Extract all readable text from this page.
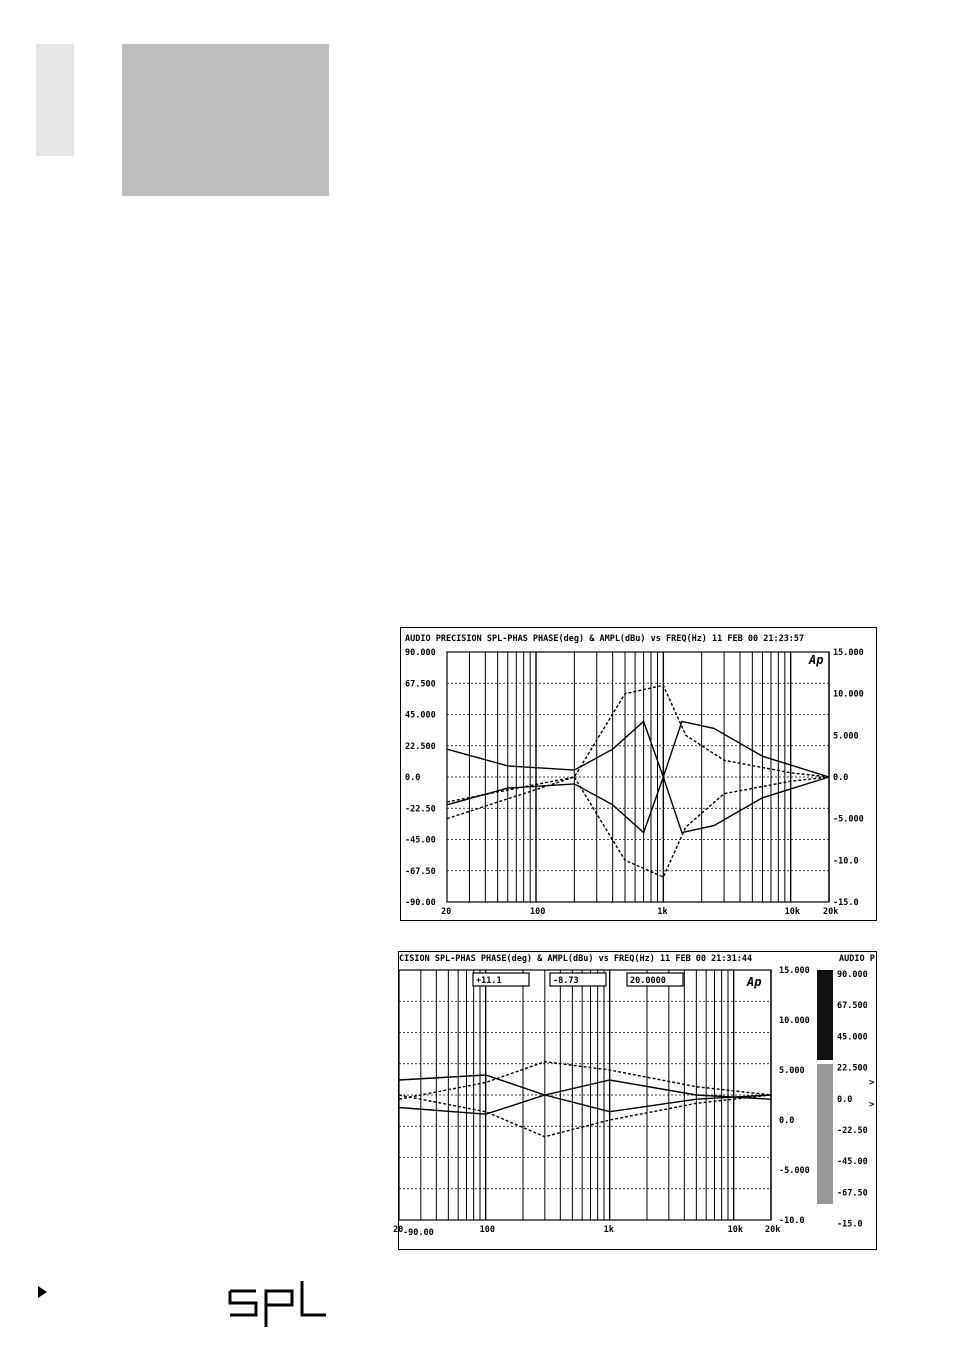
AUDIO PRECISION SPL-PHAS PHASE(deg) & AMPL(dBu) vs FREQ(Hz) 11 FEB 00 21:23:57
Ap
20	100	1k	10k	20k
90.000
67.500
45.000
22.500
0.0
-22.50
-45.00
-67.50
-90.00
15.000
10.000
5.000
0.0
-5.000
-10.0
-15.0
CISION SPL-PHAS PHASE(deg) & AMPL(dBu) vs FREQ(Hz) 11 FEB 00 21:31:44	AUDIO P
20	100	1k	10k	20k
15.000
10.000
5.000
0.0
-5.000
-10.0
90.000
67.500
45.000
22.500
0.0
-22.50
-45.00
-67.50
-15.0
-90.00
>
>
+11.1	-8.73	20.0000	Ap
